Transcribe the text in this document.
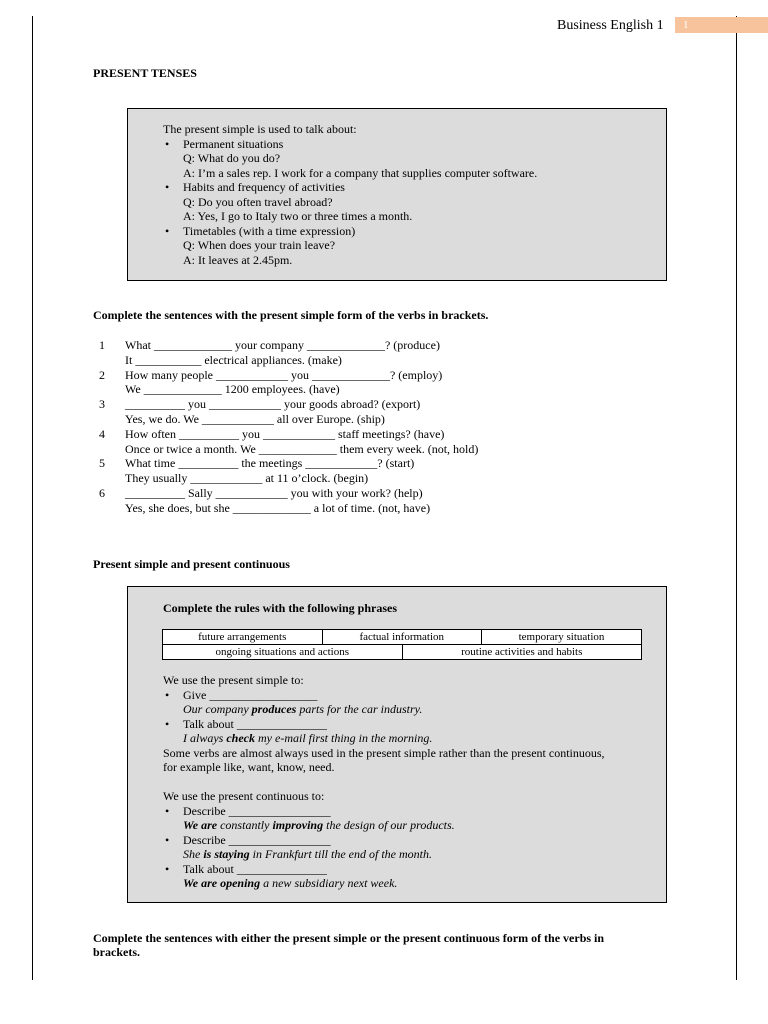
Business English 1	1
PRESENT TENSES
The present simple is used to talk about:
• Permanent situations
Q: What do you do?
A: I’m a sales rep. I work for a company that supplies computer software.
• Habits and frequency of activities
Q: Do you often travel abroad?
A: Yes, I go to Italy two or three times a month.
• Timetables (with a time expression)
Q: When does your train leave?
A: It leaves at 2.45pm.
Complete the sentences with the present simple form of the verbs in brackets.
1 What _____________ your company _____________? (produce)
It ___________ electrical appliances. (make)
2 How many people ____________ you _____________? (employ)
We _____________ 1200 employees. (have)
3 __________ you ____________ your goods abroad? (export)
Yes, we do. We ____________ all over Europe. (ship)
4 How often __________ you ____________ staff meetings? (have)
Once or twice a month. We _____________ them every week. (not, hold)
5 What time __________ the meetings ____________? (start)
They usually ____________ at 11 o’clock. (begin)
6 __________ Sally ____________ you with your work? (help)
Yes, she does, but she _____________ a lot of time. (not, have)
Present simple and present continuous
Complete the rules with the following phrases
future arrangements	factual information	temporary situation
ongoing situations and actions	routine activities and habits
We use the present simple to:
• Give __________________
Our company produces parts for the car industry.
• Talk about _______________
I always check my e-mail first thing in the morning.
Some verbs are almost always used in the present simple rather than the present continuous,
for example like, want, know, need.
We use the present continuous to:
• Describe _________________
We are constantly improving the design of our products.
• Describe _________________
She is staying in Frankfurt till the end of the month.
• Talk about _______________
We are opening a new subsidiary next week.
Complete the sentences with either the present simple or the present continuous form of the verbs in
brackets.
